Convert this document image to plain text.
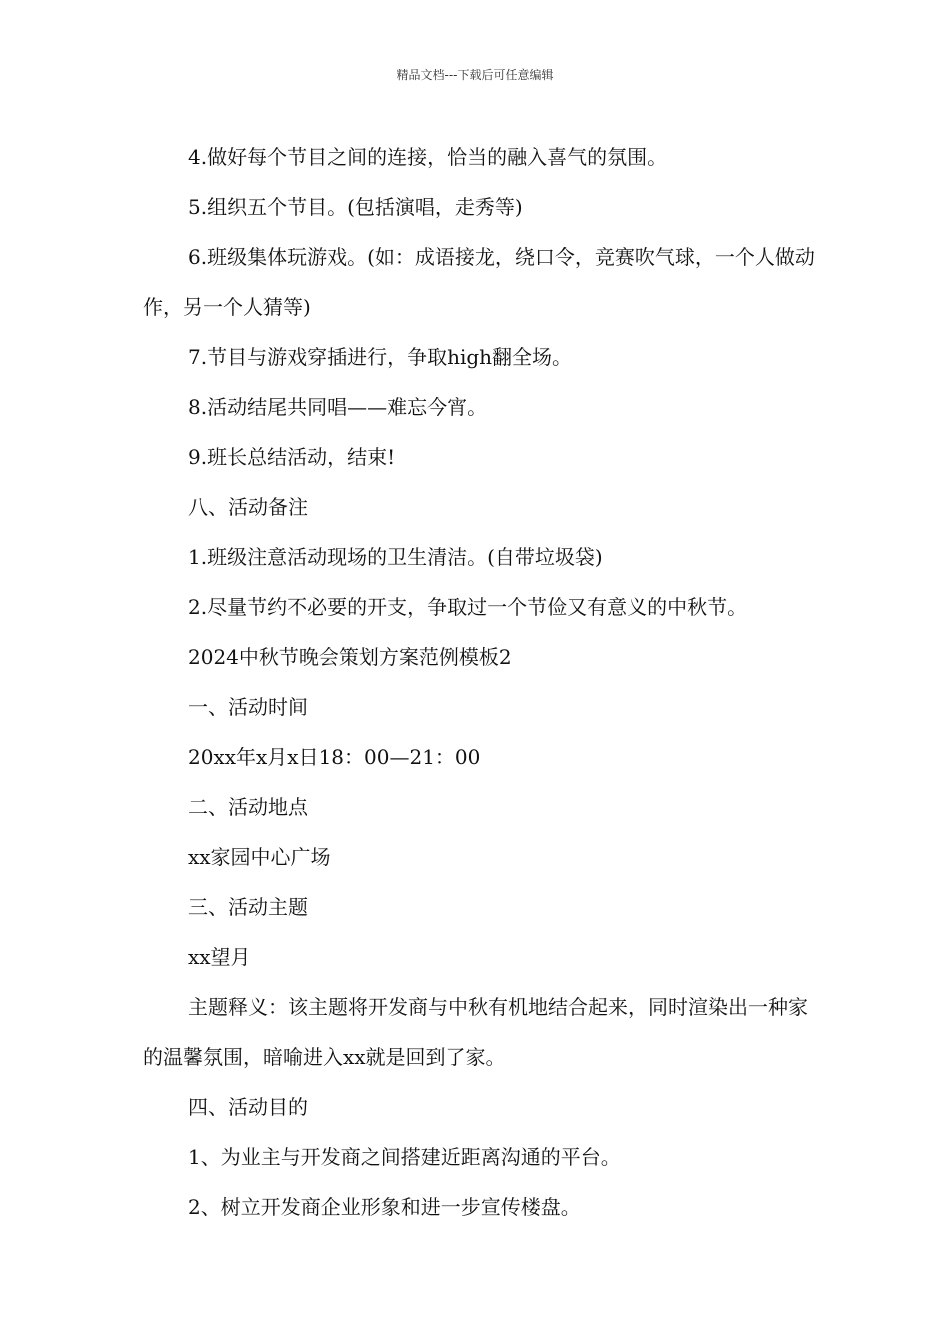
精品文档---下载后可任意编辑

4.做好每个节目之间的连接，恰当的融入喜气的氛围。

5.组织五个节目。(包括演唱，走秀等)

6.班级集体玩游戏。(如：成语接龙，绕口令，竞赛吹气球，一个人做动作，另一个人猜等)

7.节目与游戏穿插进行，争取high翻全场。

8.活动结尾共同唱——难忘今宵。

9.班长总结活动，结束!

八、活动备注

1.班级注意活动现场的卫生清洁。(自带垃圾袋)

2.尽量节约不必要的开支，争取过一个节俭又有意义的中秋节。

2024中秋节晚会策划方案范例模板2

一、活动时间

20xx年x月x日18：00—21：00

二、活动地点

xx家园中心广场

三、活动主题

xx望月

主题释义：该主题将开发商与中秋有机地结合起来，同时渲染出一种家的温馨氛围，暗喻进入xx就是回到了家。

四、活动目的

1、为业主与开发商之间搭建近距离沟通的平台。

2、树立开发商企业形象和进一步宣传楼盘。
